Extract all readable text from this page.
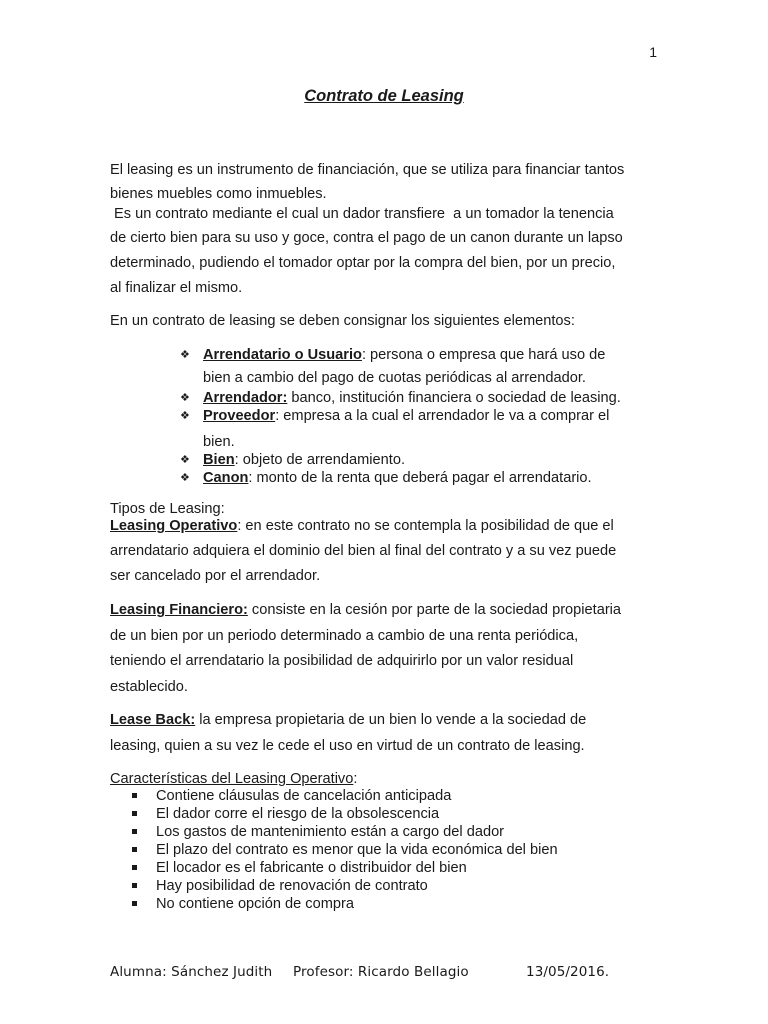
1
Contrato de Leasing
El leasing es un instrumento de financiación, que se utiliza para financiar tantos
bienes muebles como inmuebles.
Es un contrato mediante el cual un dador transfiere  a un tomador la tenencia
de cierto bien para su uso y goce, contra el pago de un canon durante un lapso
determinado, pudiendo el tomador optar por la compra del bien, por un precio,
al finalizar el mismo.
En un contrato de leasing se deben consignar los siguientes elementos:
❖ Arrendatario o Usuario: persona o empresa que hará uso de
bien a cambio del pago de cuotas periódicas al arrendador.
❖ Arrendador: banco, institución financiera o sociedad de leasing.
❖ Proveedor: empresa a la cual el arrendador le va a comprar el
bien.
❖ Bien: objeto de arrendamiento.
❖ Canon: monto de la renta que deberá pagar el arrendatario.
Tipos de Leasing:
Leasing Operativo: en este contrato no se contempla la posibilidad de que el
arrendatario adquiera el dominio del bien al final del contrato y a su vez puede
ser cancelado por el arrendador.
Leasing Financiero: consiste en la cesión por parte de la sociedad propietaria
de un bien por un periodo determinado a cambio de una renta periódica,
teniendo el arrendatario la posibilidad de adquirirlo por un valor residual
establecido.
Lease Back: la empresa propietaria de un bien lo vende a la sociedad de
leasing, quien a su vez le cede el uso en virtud de un contrato de leasing.
Características del Leasing Operativo:
Contiene cláusulas de cancelación anticipada
El dador corre el riesgo de la obsolescencia
Los gastos de mantenimiento están a cargo del dador
El plazo del contrato es menor que la vida económica del bien
El locador es el fabricante o distribuidor del bien
Hay posibilidad de renovación de contrato
No contiene opción de compra
Alumna: Sánchez Judith Profesor: Ricardo Bellagio	13/05/2016.
